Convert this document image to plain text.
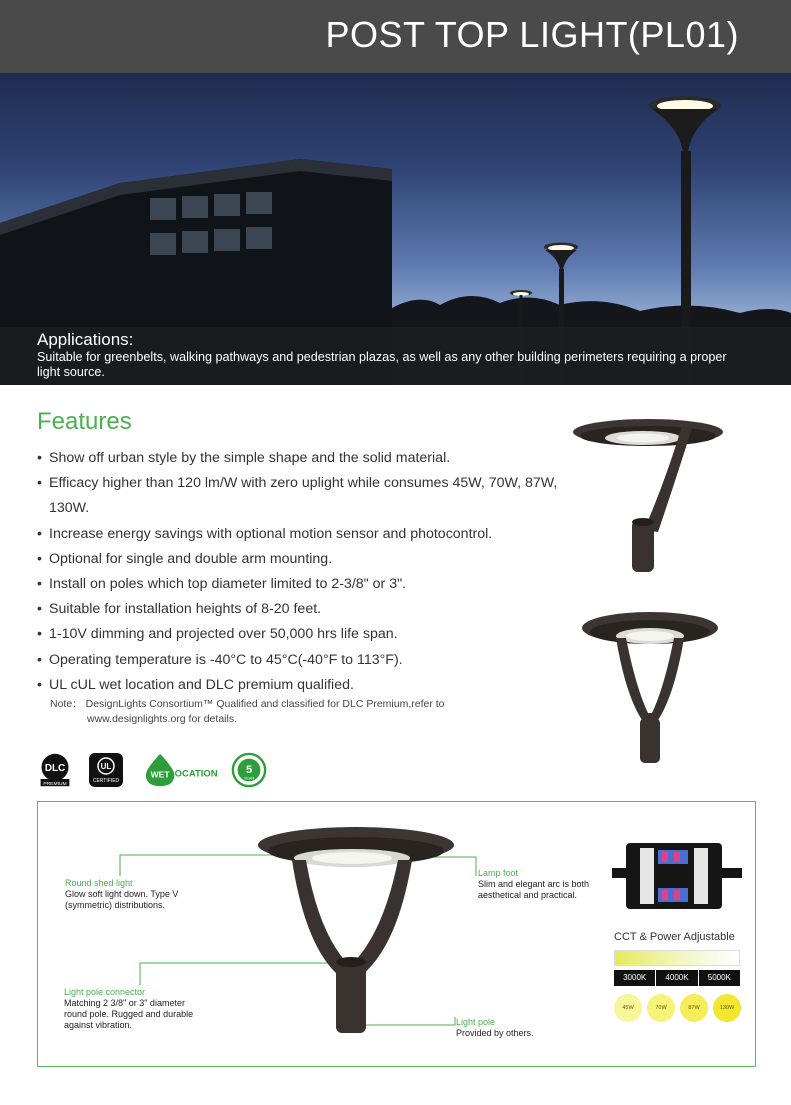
POST TOP LIGHT(PL01)
Applications:
Suitable for greenbelts, walking pathways and pedestrian plazas, as well as any other building perimeters requiring a proper light source.
Features
• Show off urban style by the simple shape and the solid material.
• Efficacy higher than 120 lm/W with zero uplight while consumes 45W, 70W, 87W, 130W.
• Increase energy savings with optional motion sensor and photocontrol.
• Optional for single and double arm mounting.
• Install on poles which top diameter limited to 2-3/8" or 3".
• Suitable for installation heights of 8-20 feet.
• 1-10V dimming and projected over 50,000 hrs life span.
• Operating temperature is -40°C to 45°C(-40°F to 113°F).
• UL cUL wet location and DLC premium qualified.
Note： DesignLights Consortium™ Qualified and classified for DLC Premium,refer to
www.designlights.org for details.
DLC
PREMIUM
UL
CERTIFIED
WET LOCATION 5
YEAR
Round shed light
Glow soft light down. Type V (symmetric) distributions.
Lamp foot
Slim and elegant arc is both aesthetical and practical.
Light pole connector
Matching 2 3/8" or 3" diameter round pole. Rugged and durable against vibration.	Light pole
Provided by others.
CCT & Power Adjustable
3000K	4000K	5000K
45W	70W	87W	130W
